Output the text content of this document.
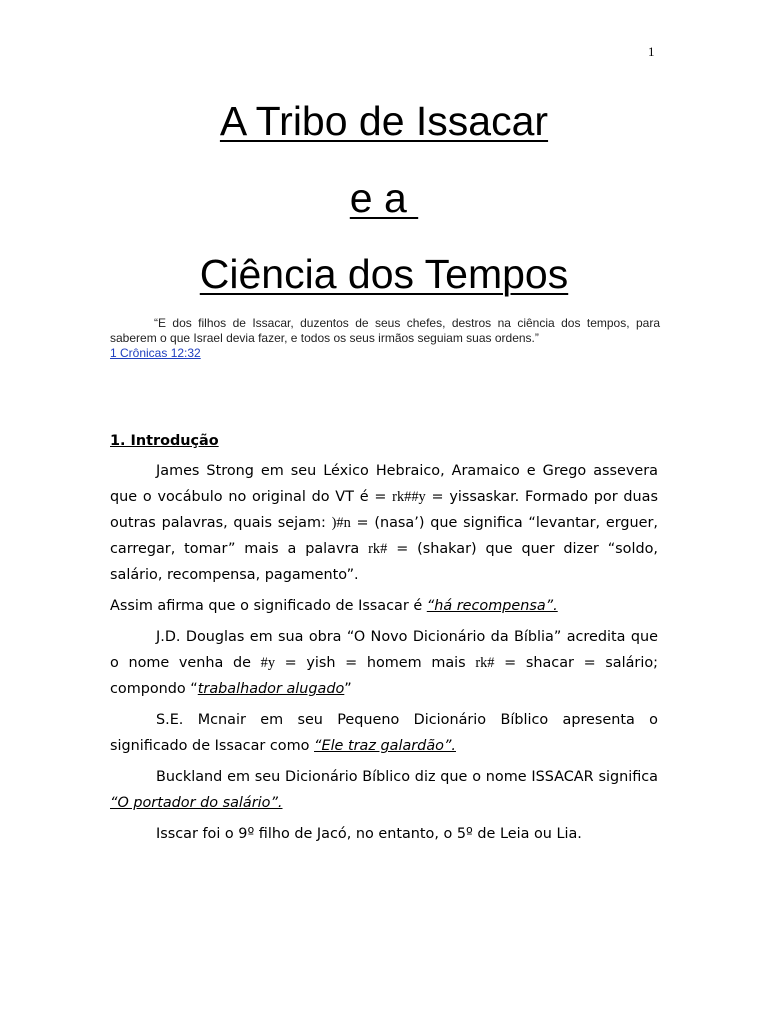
1
A Tribo de Issacar
e a
Ciência dos Tempos
“E dos filhos de Issacar, duzentos de seus chefes, destros na ciência dos tempos, para saberem o que Israel devia fazer, e todos os seus irmãos seguiam suas ordens.”
1 Crônicas 12:32
1. Introdução

James Strong em seu Léxico Hebraico, Aramaico e Grego assevera que o vocábulo no original do VT é = rk##y = yissaskar. Formado por duas outras palavras, quais sejam: )#n = (nasa’) que significa “levantar, erguer, carregar, tomar” mais a palavra rk# = (shakar) que quer dizer “soldo, salário, recompensa, pagamento”.

Assim afirma que o significado de Issacar é “há recompensa”.

J.D. Douglas em sua obra “O Novo Dicionário da Bíblia” acredita que o nome venha de #y = yish = homem mais rk# = shacar = salário; compondo “trabalhador alugado”

S.E. Mcnair em seu Pequeno Dicionário Bíblico apresenta o significado de Issacar como “Ele traz galardão”.

Buckland em seu Dicionário Bíblico diz que o nome ISSACAR significa “O portador do salário”.

Isscar foi o 9º filho de Jacó, no entanto, o 5º de Leia ou Lia.
